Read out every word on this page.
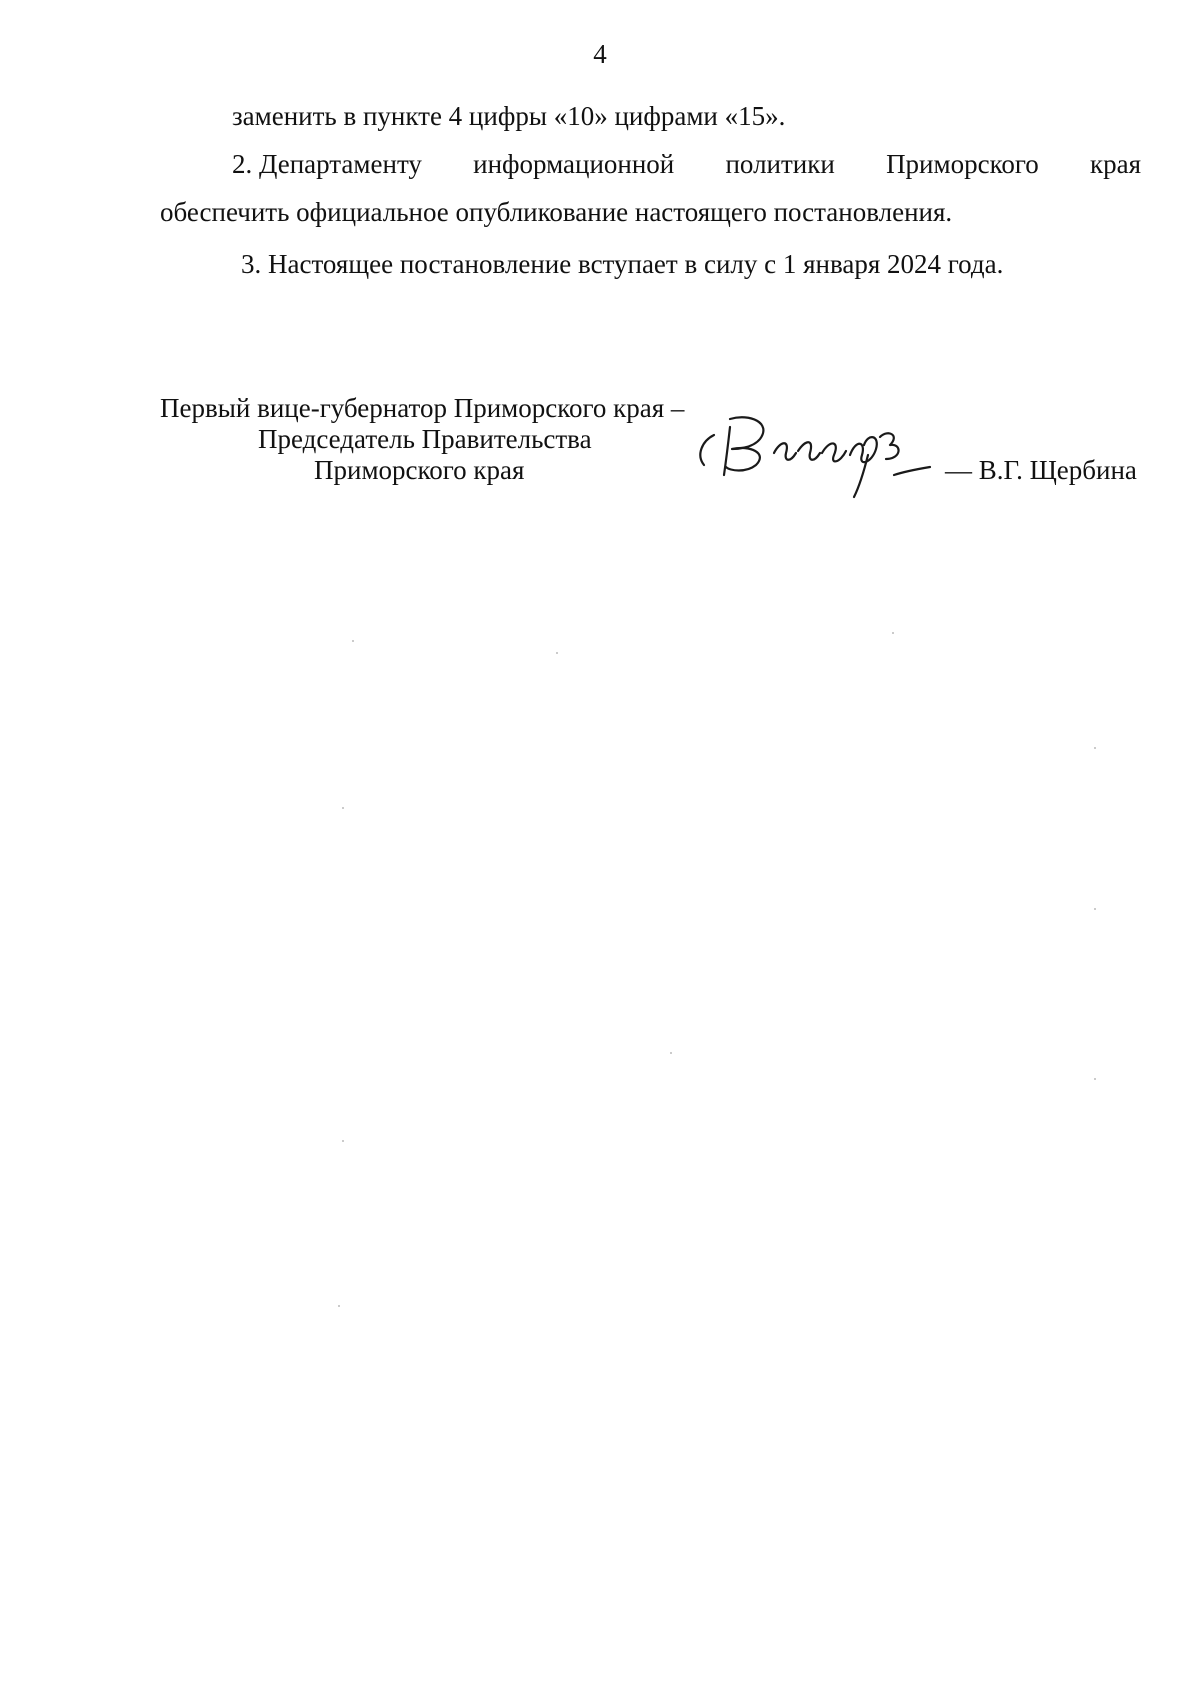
4
заменить в пункте 4 цифры «10» цифрами «15».
2. Департаменту информационной политики Приморского края
обеспечить официальное опубликование настоящего постановления.
3. Настоящее постановление вступает в силу с 1 января 2024 года.
Первый вице-губернатор Приморского края –
Председатель Правительства
Приморского края	— В.Г. Щербина
